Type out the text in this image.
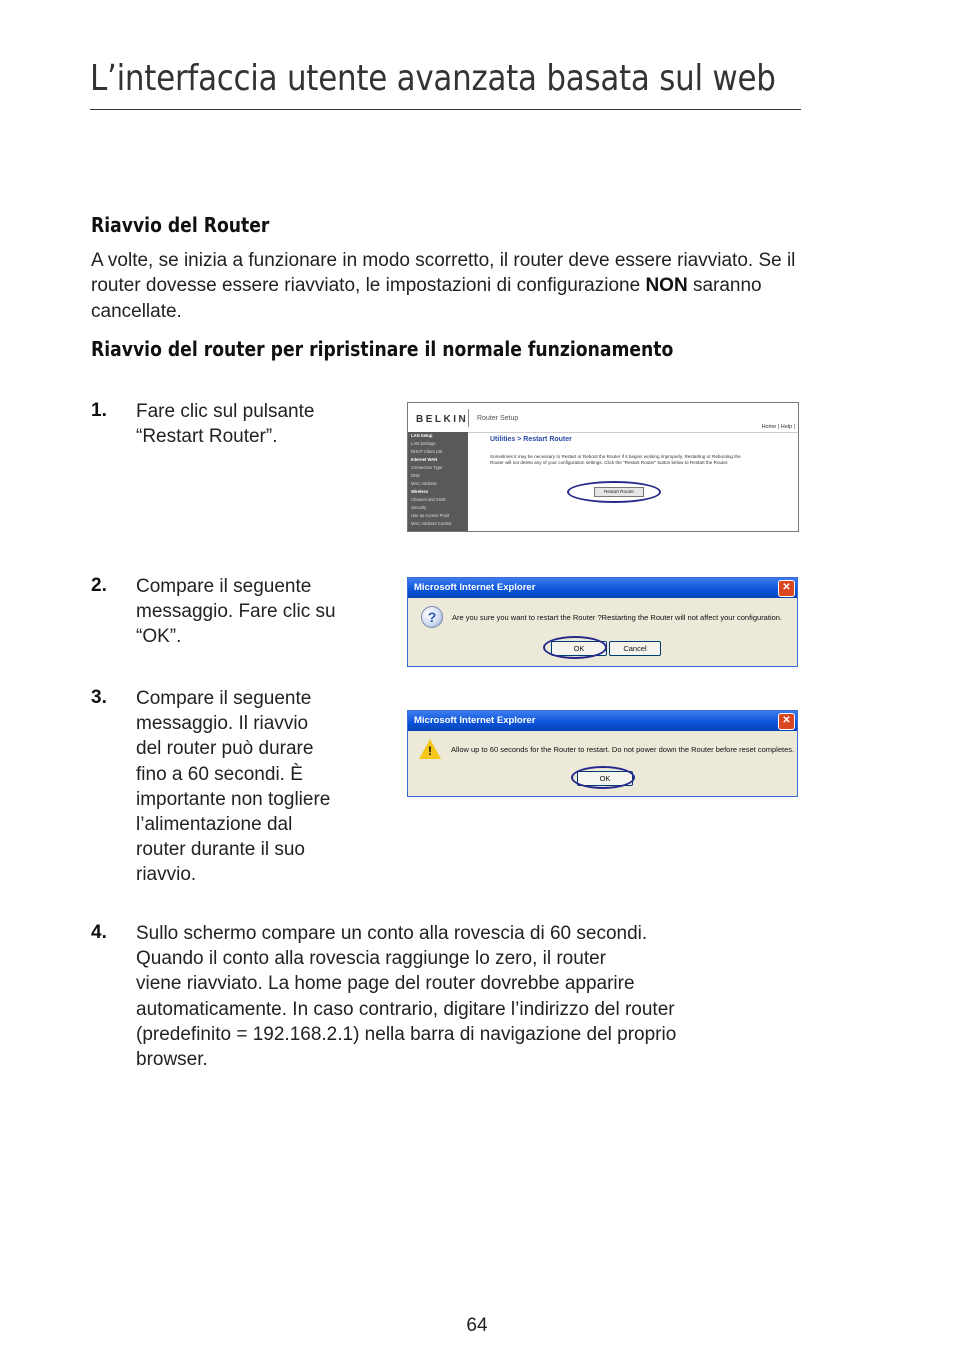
L’interfaccia utente avanzata basata sul web
Riavvio del Router
A volte, se inizia a funzionare in modo scorretto, il router deve essere riavviato. Se il router dovesse essere riavviato, le impostazioni di configurazione NON saranno cancellate.
Riavvio del router per ripristinare il normale funzionamento
1. Fare clic sul pulsante
“Restart Router”.
2. Compare il seguente
messaggio. Fare clic su
“OK”.
3. Compare il seguente
messaggio. Il riavvio
del router può durare
fino a 60 secondi. È
importante non togliere
l’alimentazione dal
router durante il suo
riavvio.
4. Sullo schermo compare un conto alla rovescia di 60 secondi.
Quando il conto alla rovescia raggiunge lo zero, il router
viene riavviato. La home page del router dovrebbe apparire
automaticamente. In caso contrario, digitare l’indirizzo del router
(predefinito = 192.168.2.1) nella barra di navigazione del proprio
browser.
BELKIN Router Setup
Home | Help |
LAN Setup
LAN Settings
DHCP Client List
Internet WAN
Connection Type
DNS
MAC Address
Wireless
Channel and SSID
Security
Use as Access Point
MAC Address Control
Utilities > Restart Router
Sometimes it may be necessary to Restart or Reboot the Router if it begins working improperly. Restarting or Rebooting the Router will not delete any of your configuration settings. Click the "Restart Router" button below to Restart the Router.
Restart Router
Microsoft Internet Explorer	✕
?	Are you sure you want to restart the Router ?Restarting the Router will not affect your configuration.
OK	Cancel
Microsoft Internet Explorer	✕
!	Allow up to 60 seconds for the Router to restart. Do not power down the Router before reset completes.
OK
64
